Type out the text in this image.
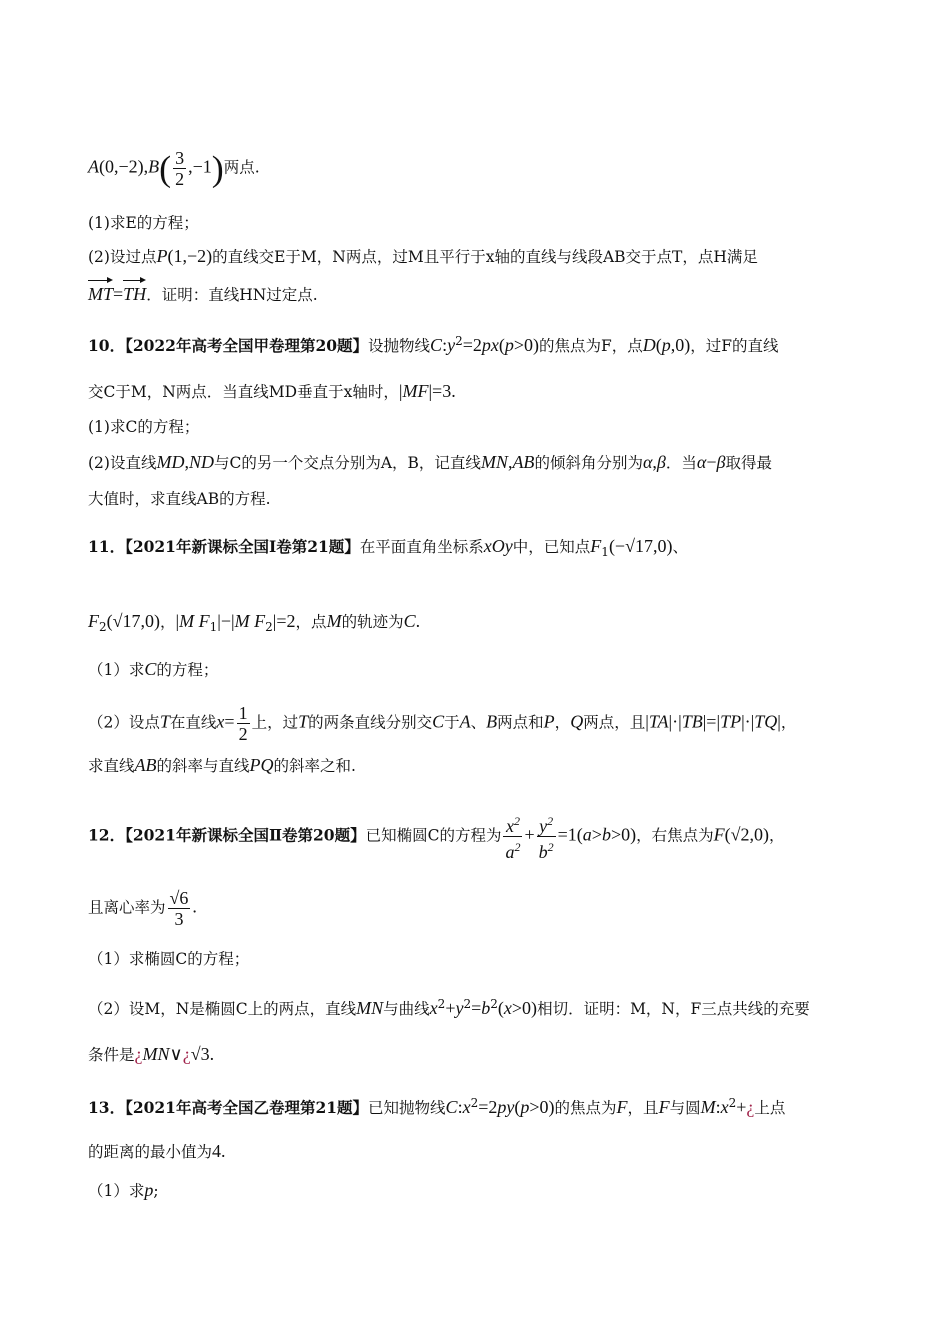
$A(0,-2),B( \frac{3}{2} ,-1)$两点.
(1)求E的方程；
(2)设过点P(1,−2)的直线交E于M，N两点，过M且平行于x轴的直线与线段AB交于点T，点H满足
MT=TH．证明：直线HN过定点.
10．【2022年高考全国甲卷理第20题】设抛物线$C:y^2=2px(p>0)$的焦点为F，点D(p,0)，过F的直线
交C于M，N两点．当直线MD垂直于x轴时，|MF|=3.
(1)求C的方程；
(2)设直线MD,ND与C的另一个交点分别为A，B，记直线MN,AB的倾斜角分别为α,β．当α−β取得最
大值时，求直线AB的方程.
11．【2021年新课标全国Ⅰ卷第21题】在平面直角坐标系xOy中，已知点$F_1(-√17,0)$、
$F_2(√17,0)$，|M $F_1|-|M$ $F_2|=2$，点M的轨迹为C.
（1）求C的方程；
（2）设点T在直线$x= \frac{1}{2}$ 上，过T的两条直线分别交C于A、B两点和P，Q两点，且|TA|·|TB|=|TP|·|TQ|，
求直线AB的斜率与直线PQ的斜率之和.
12．【2021年新课标全国Ⅱ卷第20题】已知椭圆C的方程为 $\frac{x^2}{a^2} + \frac{y^2}{b^2} =1(a>b>0)$，右焦点为F(√2,0)，
且离心率为 $\frac{√6}{3}$ .
（1）求椭圆C的方程；
（2）设M，N是椭圆C上的两点，直线MN与曲线$x^2+y^2=b^2(x>0)$相切．证明：M，N，F三点共线的充要
条件是¿MN∨¿√3.
13．【2021年高考全国乙卷理第21题】已知抛物线$C:x^2=2py(p>0)$的焦点为F，且F与圆$M:x^2+¿$上点
的距离的最小值为4.
（1）求p;
